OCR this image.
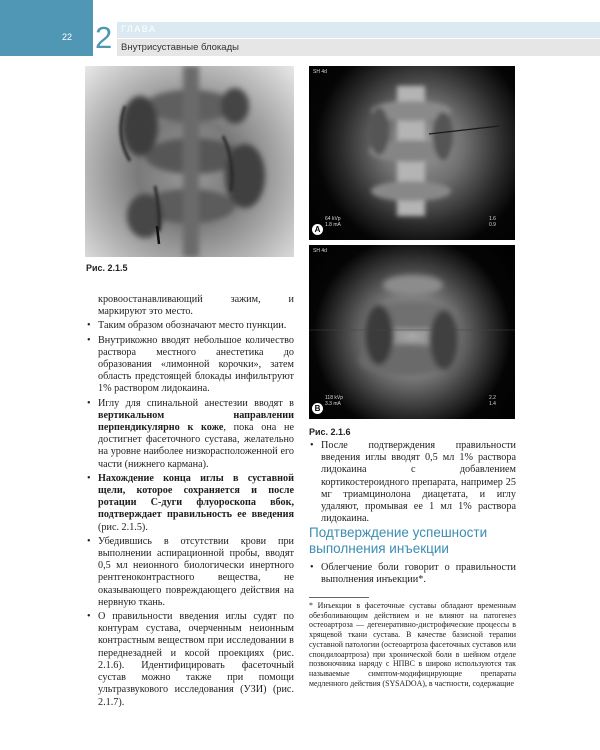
22 2 ГЛАВА
Внутрисуставные блокады
Рис. 2.1.5
SH 4d
64 kVp
1.8 mA
1.6
0.9
A
SH 4d
118 kVp
3.3 mA
2.2
1.4
B
Рис. 2.1.6

кровоостанавливающий зажим, и маркируют это место.

• Таким образом обозначают место пункции.
• Внутрикожно вводят небольшое количество раствора местного анестетика до образования «лимонной корочки», затем область предстоящей блокады инфильтруют 1% раствором лидокаина.
• Иглу для спинальной анестезии вводят в вертикальном направлении перпендикулярно к коже, пока она не достигнет фасеточного сустава, желательно на уровне наиболее низкорасположенной его части (нижнего кармана).
• Нахождение конца иглы в суставной щели, которое сохраняется и после ротации С-дуги флуороскопа вбок, подтверждает правильность ее введения (рис. 2.1.5).
• Убедившись в отсутствии крови при выполнении аспирационной пробы, вводят 0,5 мл неионного биологически инертного рентгеноконтрастного вещества, не оказывающего повреждающего действия на нервную ткань.
• О правильности введения иглы судят по контурам сустава, очерченным неионным контрастным веществом при исследовании в переднезадней и косой проекциях (рис. 2.1.6). Идентифицировать фасеточный сустав можно также при помощи ультразвукового исследования (УЗИ) (рис. 2.1.7).
• После подтверждения правильности введения иглы вводят 0,5 мл 1% раствора лидокаина с добавлением кортикостероидного препарата, например 25 мг триамцинолона диацетата, и иглу удаляют, промывая ее 1 мл 1% раствора лидокаина.
Подтверждение успешности выполнения инъекции
• Облегчение боли говорит о правильности выполнения инъекции*.
* Инъекции в фасеточные суставы обладают временным обезболивающим действием и не влияют на патогенез остеоартроза — дегенеративно-дистрофические процессы в хрящевой ткани сустава. В качестве базисной терапии суставной патологии (остеоартроза фасеточных суставов или спондилоартроза) при хронической боли в шейном отделе позвоночника наряду с НПВС в широко используются так называемые симптом-модифицирующие препараты медленного действия (SYSADOA), в частности, содержащие
